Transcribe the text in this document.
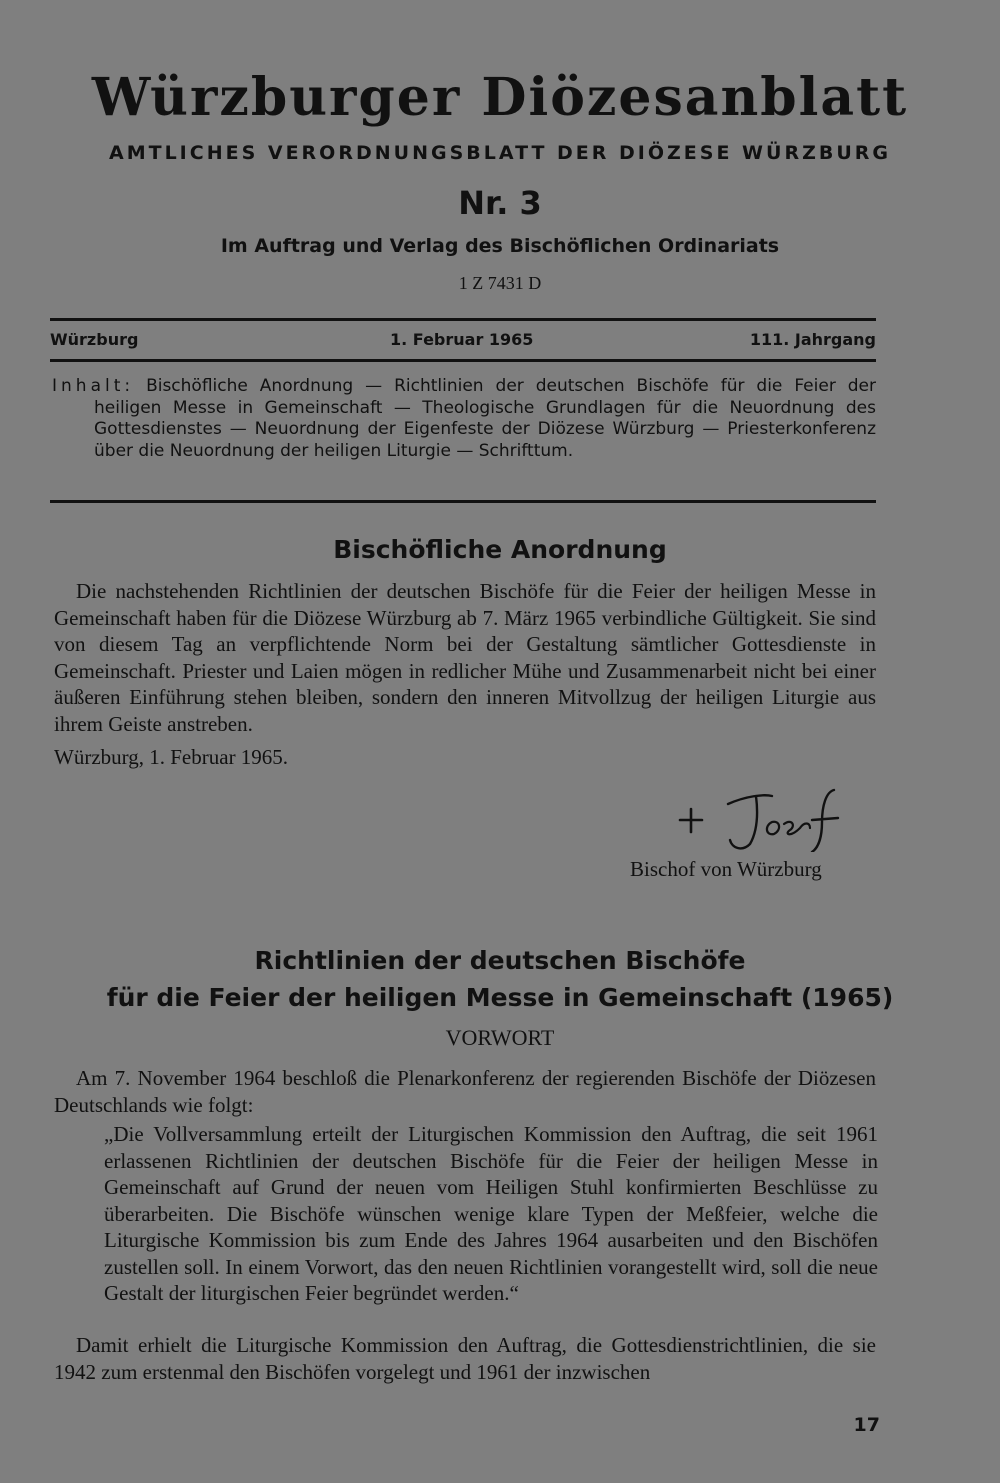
Würzburger Diözesanblatt

AMTLICHES VERORDNUNGSBLATT DER DIÖZESE WÜRZBURG

Nr. 3

Im Auftrag und Verlag des Bischöflichen Ordinariats

1 Z 7431 D

Würzburg	1. Februar 1965	111. Jahrgang

Inhalt: Bischöfliche Anordnung — Richtlinien der deutschen Bischöfe für die Feier der heiligen Messe in Gemeinschaft — Theologische Grundlagen für die Neuordnung des Gottesdienstes — Neuordnung der Eigenfeste der Diözese Würzburg — Priesterkonferenz über die Neuordnung der heiligen Liturgie — Schrifttum.

Bischöfliche Anordnung

Die nachstehenden Richtlinien der deutschen Bischöfe für die Feier der heiligen Messe in Gemeinschaft haben für die Diözese Würzburg ab 7. März 1965 verbindliche Gültigkeit. Sie sind von diesem Tag an verpflichtende Norm bei der Gestaltung sämtlicher Gottesdienste in Gemeinschaft. Priester und Laien mögen in redlicher Mühe und Zusammenarbeit nicht bei einer äußeren Einführung stehen bleiben, sondern den inneren Mitvollzug der heiligen Liturgie aus ihrem Geiste anstreben.

Würzburg, 1. Februar 1965.

Bischof von Würzburg

Richtlinien der deutschen Bischöfe
für die Feier der heiligen Messe in Gemeinschaft (1965)

VORWORT

Am 7. November 1964 beschloß die Plenarkonferenz der regierenden Bischöfe der Diözesen Deutschlands wie folgt:

„Die Vollversammlung erteilt der Liturgischen Kommission den Auftrag, die seit 1961 erlassenen Richtlinien der deutschen Bischöfe für die Feier der heiligen Messe in Gemeinschaft auf Grund der neuen vom Heiligen Stuhl konfirmierten Beschlüsse zu überarbeiten. Die Bischöfe wünschen wenige klare Typen der Meßfeier, welche die Liturgische Kommission bis zum Ende des Jahres 1964 ausarbeiten und den Bischöfen zustellen soll. In einem Vorwort, das den neuen Richtlinien vorangestellt wird, soll die neue Gestalt der liturgischen Feier begründet werden.“

Damit erhielt die Liturgische Kommission den Auftrag, die Gottesdienstrichtlinien, die sie 1942 zum erstenmal den Bischöfen vorgelegt und 1961 der inzwischen

17
